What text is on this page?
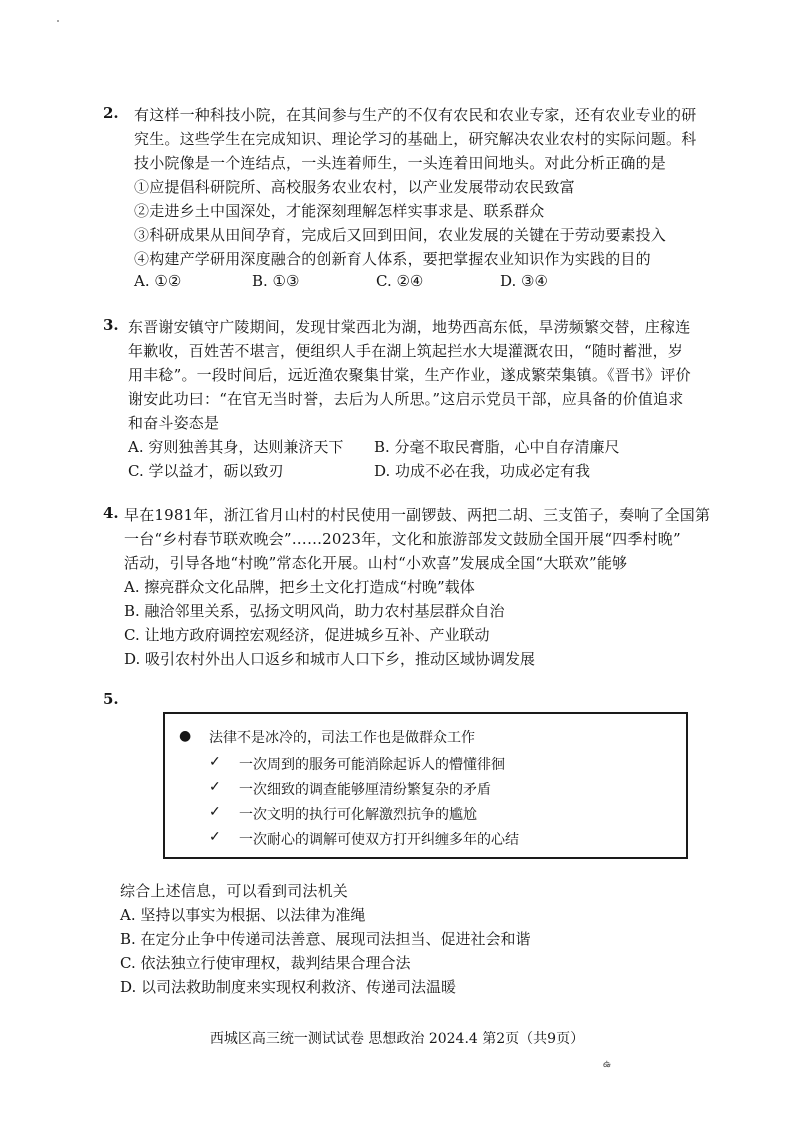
2. 有这样一种科技小院，在其间参与生产的不仅有农民和农业专家，还有农业专业的研
究生。这些学生在完成知识、理论学习的基础上，研究解决农业农村的实际问题。科
技小院像是一个连结点，一头连着师生，一头连着田间地头。对此分析正确的是
①应提倡科研院所、高校服务农业农村，以产业发展带动农民致富
②走进乡土中国深处，才能深刻理解怎样实事求是、联系群众
③科研成果从田间孕育，完成后又回到田间，农业发展的关键在于劳动要素投入
④构建产学研用深度融合的创新育人体系，要把掌握农业知识作为实践的目的
A. ①②	B. ①③	C. ②④	D. ③④
3. 东晋谢安镇守广陵期间，发现甘棠西北为湖，地势西高东低，旱涝频繁交替，庄稼连
年歉收，百姓苦不堪言，便组织人手在湖上筑起拦水大堤灌溉农田，“随时蓄泄，岁
用丰稔”。一段时间后，远近渔农聚集甘棠，生产作业，遂成繁荣集镇。《晋书》评价
谢安此功曰：“在官无当时誉，去后为人所思。”这启示党员干部，应具备的价值追求
和奋斗姿态是
A. 穷则独善其身，达则兼济天下 B. 分毫不取民膏脂，心中自存清廉尺
C. 学以益才，砺以致刃	D. 功成不必在我，功成必定有我
4. 早在1981年，浙江省月山村的村民使用一副锣鼓、两把二胡、三支笛子，奏响了全国第
一台“乡村春节联欢晚会”……2023年，文化和旅游部发文鼓励全国开展“四季村晚”
活动，引导各地“村晚”常态化开展。山村“小欢喜”发展成全国“大联欢”能够
A. 擦亮群众文化品牌，把乡土文化打造成“村晚”载体
B. 融洽邻里关系，弘扬文明风尚，助力农村基层群众自治
C. 让地方政府调控宏观经济，促进城乡互补、产业联动
D. 吸引农村外出人口返乡和城市人口下乡，推动区域协调发展
5.
● 法律不是冰冷的，司法工作也是做群众工作
✓ 一次周到的服务可能消除起诉人的懵懂徘徊
✓ 一次细致的调查能够厘清纷繁复杂的矛盾
✓ 一次文明的执行可化解激烈抗争的尴尬
✓ 一次耐心的调解可使双方打开纠缠多年的心结
综合上述信息，可以看到司法机关
A. 坚持以事实为根据、以法律为准绳
B. 在定分止争中传递司法善意、展现司法担当、促进社会和谐
C. 依法独立行使审理权，裁判结果合理合法
D. 以司法救助制度来实现权利救济、传递司法温暖
西城区高三统一测试试卷 思想政治 2024.4 第2页（共9页）
ఉ
